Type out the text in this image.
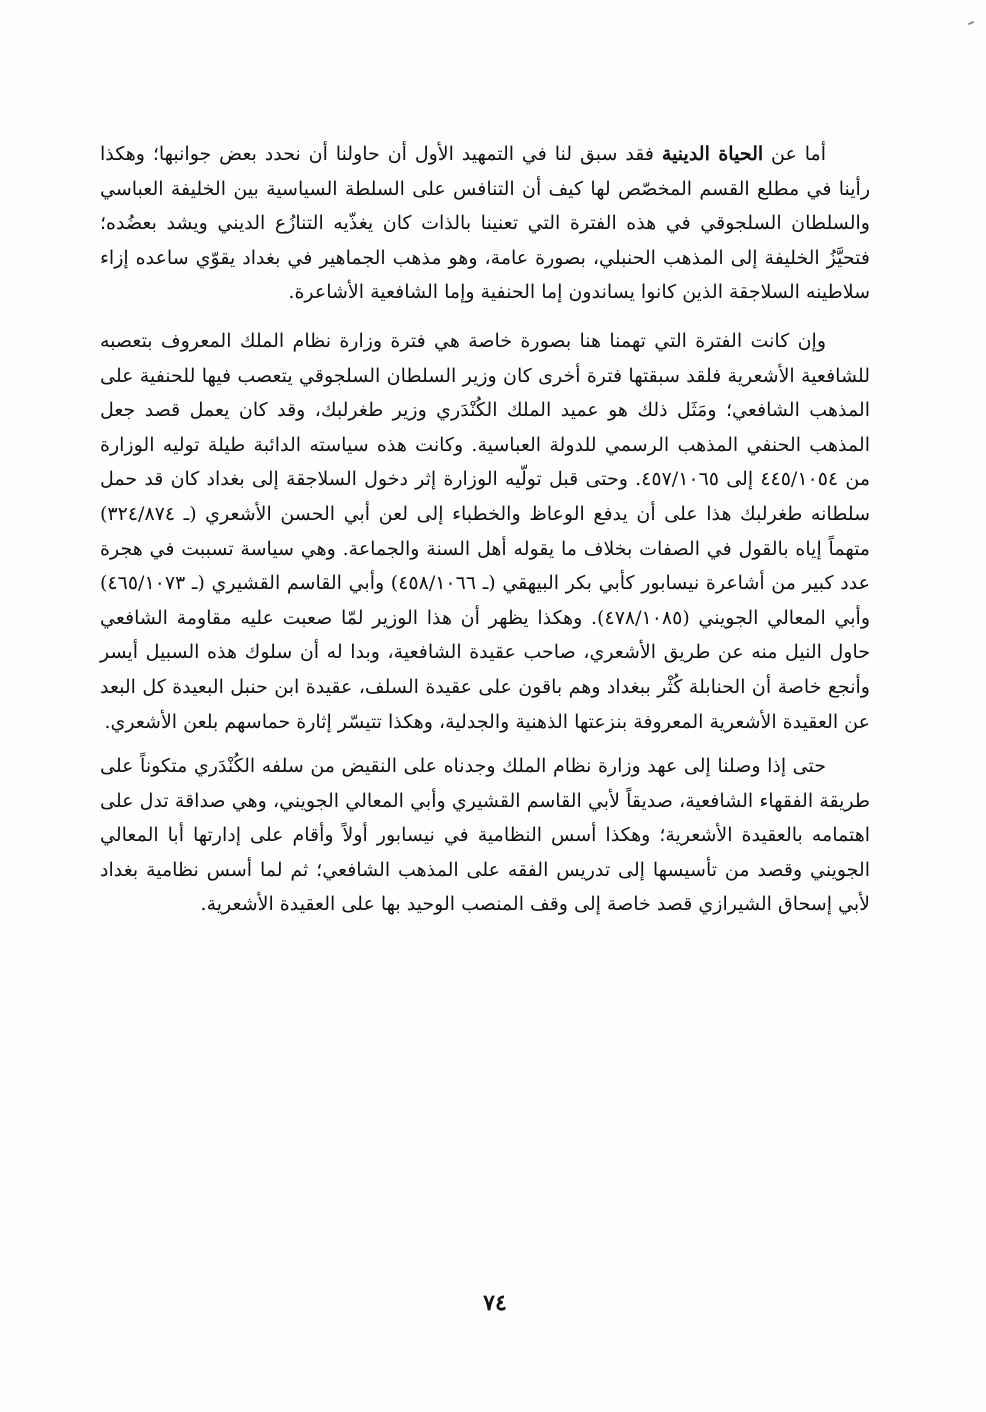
أما عن الحياة الدينية فقد سبق لنا في التمهيد الأول أن حاولنا أن نحدد بعض جوانبها؛ وهكذا رأينا في مطلع القسم المخصّص لها كيف أن التنافس على السلطة السياسية بين الخليفة العباسي والسلطان السلجوقي في هذه الفترة التي تعنينا بالذات كان يغذّيه التنازُع الديني ويشد بعضُده؛ فتحيَّزُ الخليفة إلى المذهب الحنبلي، بصورة عامة، وهو مذهب الجماهير في بغداد يقوّي ساعده إزاء سلاطينه السلاجقة الذين كانوا يساندون إما الحنفية وإما الشافعية الأشاعرة.

وإن كانت الفترة التي تهمنا هنا بصورة خاصة هي فترة وزارة نظام الملك المعروف بتعصبه للشافعية الأشعرية فلقد سبقتها فترة أخرى كان وزير السلطان السلجوقي يتعصب فيها للحنفية على المذهب الشافعي؛ ومَثَل ذلك هو عميد الملك الكُنْدَري وزير طغرلبك، وقد كان يعمل قصد جعل المذهب الحنفي المذهب الرسمي للدولة العباسية. وكانت هذه سياسته الدائبة طيلة توليه الوزارة من ٤٤٥/١٠٥٤ إلى ٤٥٧/١٠٦٥. وحتى قبل تولّيه الوزارة إثر دخول السلاجقة إلى بغداد كان قد حمل سلطانه طغرلبك هذا على أن يدفع الوعاظ والخطباء إلى لعن أبي الحسن الأشعري (ـ ٣٢٤/٨٧٤) متهماً إياه بالقول في الصفات بخلاف ما يقوله أهل السنة والجماعة. وهي سياسة تسببت في هجرة عدد كبير من أشاعرة نيسابور كأبي بكر البيهقي (ـ ٤٥٨/١٠٦٦) وأبي القاسم القشيري (ـ ٤٦٥/١٠٧٣) وأبي المعالي الجويني (٤٧٨/١٠٨٥). وهكذا يظهر أن هذا الوزير لمّا صعبت عليه مقاومة الشافعي حاول النيل منه عن طريق الأشعري، صاحب عقيدة الشافعية، وبدا له أن سلوك هذه السبيل أيسر وأنجع خاصة أن الحنابلة كُثْر ببغداد وهم باقون على عقيدة السلف، عقيدة ابن حنبل البعيدة كل البعد عن العقيدة الأشعرية المعروفة بنزعتها الذهنية والجدلية، وهكذا تتيسّر إثارة حماسهم بلعن الأشعري.

حتى إذا وصلنا إلى عهد وزارة نظام الملك وجدناه على النقيض من سلفه الكُنْدَري متكوناً على طريقة الفقهاء الشافعية، صديقاً لأبي القاسم القشيري وأبي المعالي الجويني، وهي صداقة تدل على اهتمامه بالعقيدة الأشعرية؛ وهكذا أسس النظامية في نيسابور أولاً وأقام على إدارتها أبا المعالي الجويني وقصد من تأسيسها إلى تدريس الفقه على المذهب الشافعي؛ ثم لما أسس نظامية بغداد لأبي إسحاق الشيرازي قصد خاصة إلى وقف المنصب الوحيد بها على العقيدة الأشعرية.

٧٤
